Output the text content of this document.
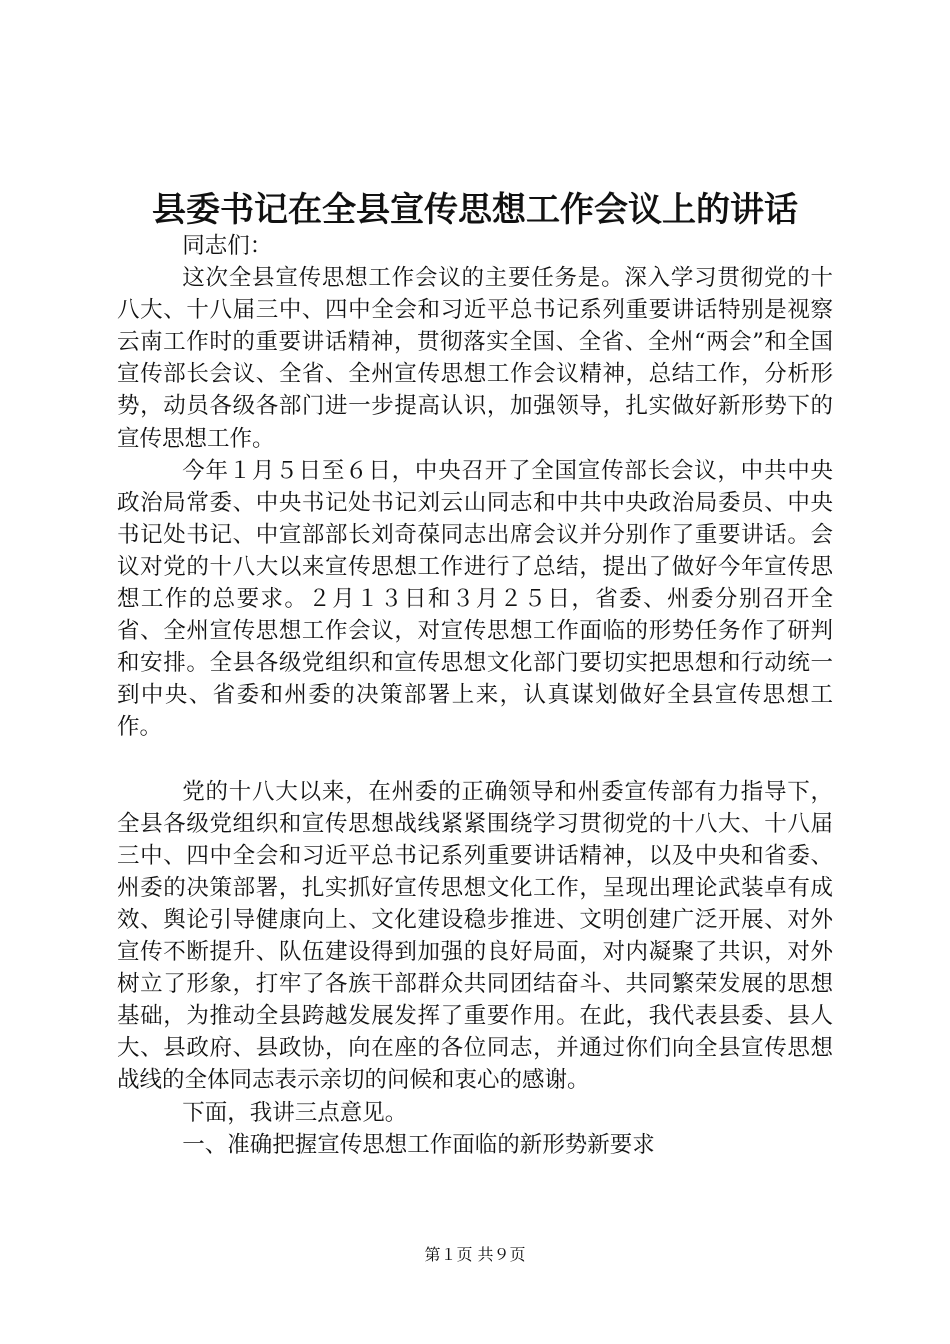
县委书记在全县宣传思想工作会议上的讲话

同志们：

这次全县宣传思想工作会议的主要任务是。深入学习贯彻党的十八大、十八届三中、四中全会和习近平总书记系列重要讲话特别是视察云南工作时的重要讲话精神，贯彻落实全国、全省、全州“两会”和全国宣传部长会议、全省、全州宣传思想工作会议精神，总结工作，分析形势，动员各级各部门进一步提高认识，加强领导，扎实做好新形势下的宣传思想工作。

今年１月５日至６日，中央召开了全国宣传部长会议，中共中央政治局常委、中央书记处书记刘云山同志和中共中央政治局委员、中央书记处书记、中宣部部长刘奇葆同志出席会议并分别作了重要讲话。会议对党的十八大以来宣传思想工作进行了总结，提出了做好今年宣传思想工作的总要求。２月１３日和３月２５日，省委、州委分别召开全省、全州宣传思想工作会议，对宣传思想工作面临的形势任务作了研判和安排。全县各级党组织和宣传思想文化部门要切实把思想和行动统一到中央、省委和州委的决策部署上来，认真谋划做好全县宣传思想工作。

党的十八大以来，在州委的正确领导和州委宣传部有力指导下，全县各级党组织和宣传思想战线紧紧围绕学习贯彻党的十八大、十八届三中、四中全会和习近平总书记系列重要讲话精神，以及中央和省委、州委的决策部署，扎实抓好宣传思想文化工作，呈现出理论武装卓有成效、舆论引导健康向上、文化建设稳步推进、文明创建广泛开展、对外宣传不断提升、队伍建设得到加强的良好局面，对内凝聚了共识，对外树立了形象，打牢了各族干部群众共同团结奋斗、共同繁荣发展的思想基础，为推动全县跨越发展发挥了重要作用。在此，我代表县委、县人大、县政府、县政协，向在座的各位同志，并通过你们向全县宣传思想战线的全体同志表示亲切的问候和衷心的感谢。

下面，我讲三点意见。

一、准确把握宣传思想工作面临的新形势新要求

第１页 共９页
